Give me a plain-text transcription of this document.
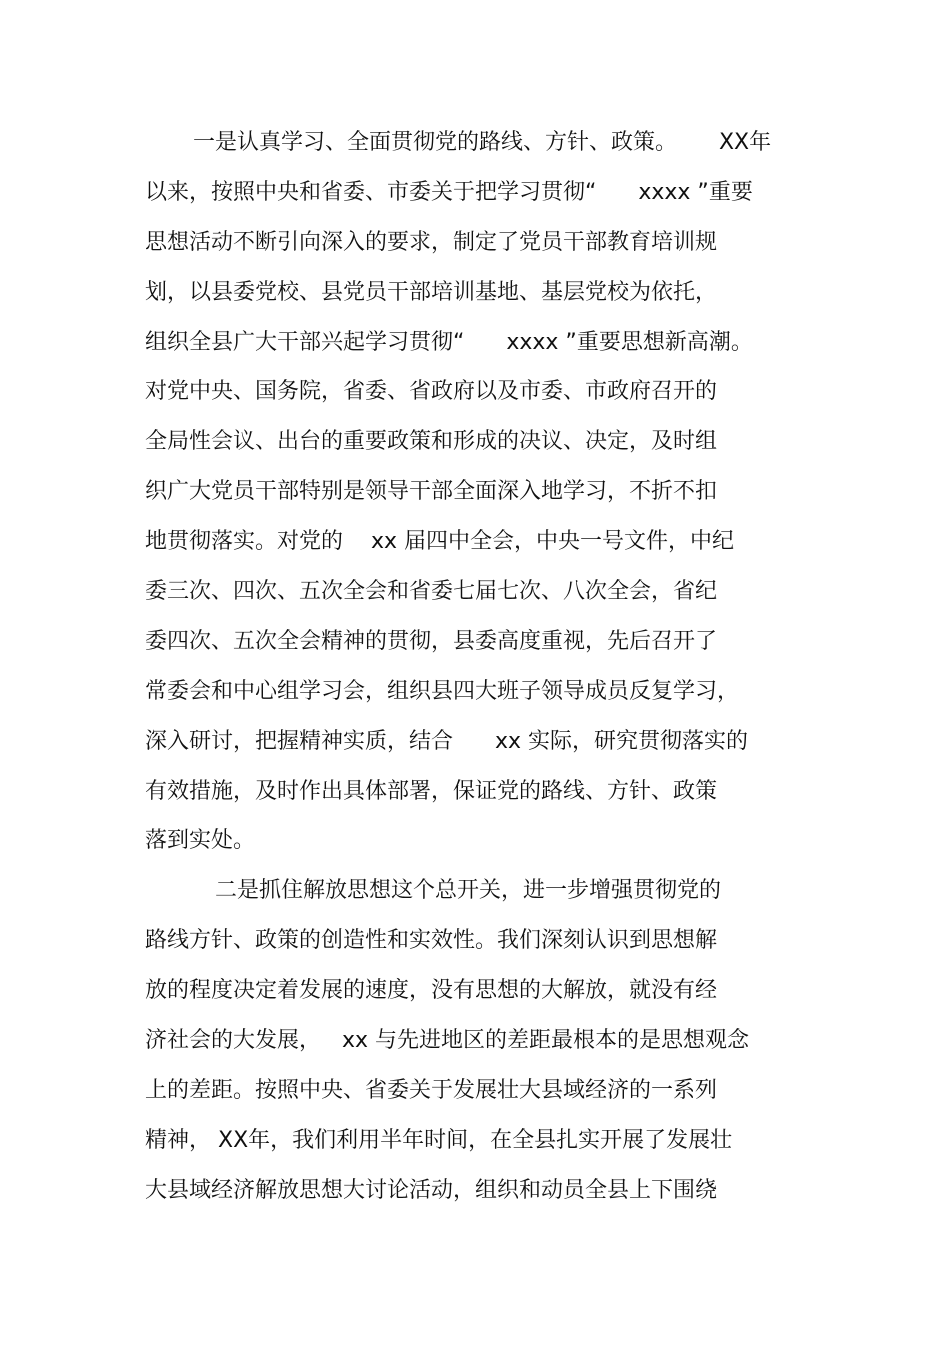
一是认真学习、全面贯彻党的路线、方针、政策。      XX年
以来，按照中央和省委、市委关于把学习贯彻“      xxxx ”重要
思想活动不断引向深入的要求，制定了党员干部教育培训规
划，以县委党校、县党员干部培训基地、基层党校为依托，
组织全县广大干部兴起学习贯彻“      xxxx ”重要思想新高潮。
对党中央、国务院，省委、省政府以及市委、市政府召开的
全局性会议、出台的重要政策和形成的决议、决定，及时组
织广大党员干部特别是领导干部全面深入地学习，不折不扣
地贯彻落实。对党的    xx 届四中全会，中央一号文件，中纪
委三次、四次、五次全会和省委七届七次、八次全会，省纪
委四次、五次全会精神的贯彻，县委高度重视，先后召开了
常委会和中心组学习会，组织县四大班子领导成员反复学习，
深入研讨，把握精神实质，结合      xx 实际，研究贯彻落实的
有效措施，及时作出具体部署，保证党的路线、方针、政策
落到实处。
二是抓住解放思想这个总开关，进一步增强贯彻党的
路线方针、政策的创造性和实效性。我们深刻认识到思想解
放的程度决定着发展的速度，没有思想的大解放，就没有经
济社会的大发展，   xx 与先进地区的差距最根本的是思想观念
上的差距。按照中央、省委关于发展壮大县域经济的一系列
精神， XX年，我们利用半年时间，在全县扎实开展了发展壮
大县域经济解放思想大讨论活动，组织和动员全县上下围绕
